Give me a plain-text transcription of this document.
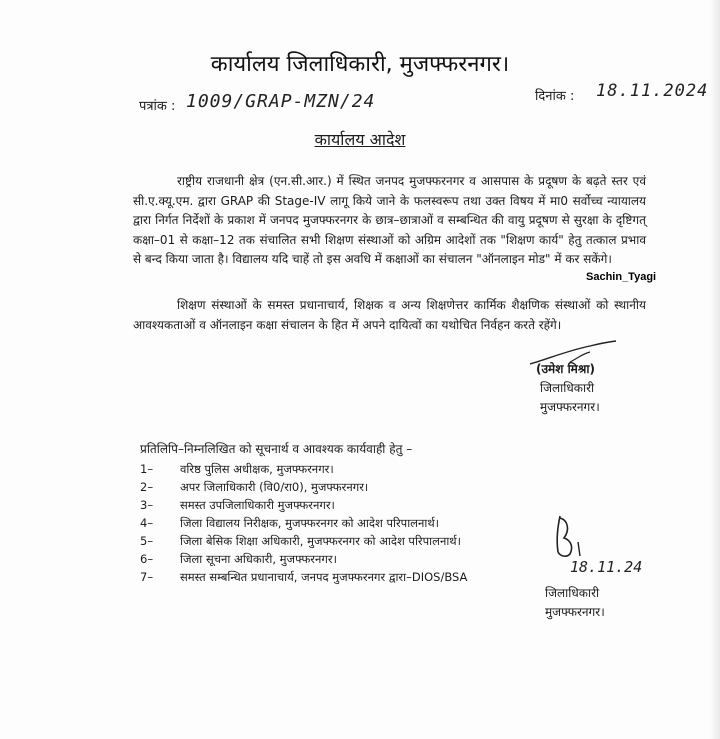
कार्यालय जिलाधिकारी, मुजफ्फरनगर।
पत्रांक : 1009/GRAP-MZN/24	दिनांक : 18.11.2024
कार्यालय आदेश
राष्ट्रीय राजधानी क्षेत्र (एन.सी.आर.) में स्थित जनपद मुजफ्फरनगर व आसपास के प्रदूषण के बढ़ते स्तर एवं सी.ए.क्यू.एम. द्वारा GRAP की Stage-IV लागू किये जाने के फलस्वरूप तथा उक्त विषय में मा0 सर्वोच्च न्यायालय द्वारा निर्गत निर्देशों के प्रकाश में जनपद मुजफ्फरनगर के छात्र–छात्राओं व सम्बन्धित की वायु प्रदूषण से सुरक्षा के दृष्टिगत् कक्षा–01 से कक्षा–12 तक संचालित सभी शिक्षण संस्थाओं को अग्रिम आदेशों तक "शिक्षण कार्य" हेतु तत्काल प्रभाव से बन्द किया जाता है। विद्यालय यदि चाहें तो इस अवधि में कक्षाओं का संचालन "ऑनलाइन मोड" में कर सकेंगे।
Sachin_Tyagi
शिक्षण संस्थाओं के समस्त प्रधानाचार्य, शिक्षक व अन्य शिक्षणेत्तर कार्मिक शैक्षणिक संस्थाओं को स्थानीय आवश्यकताओं व ऑनलाइन कक्षा संचालन के हित में अपने दायित्वों का यथोचित निर्वहन करते रहेंगे।
(उमेश मिश्रा)
जिलाधिकारी
मुजफ्फरनगर।
प्रतिलिपि–निम्नलिखित को सूचनार्थ व आवश्यक कार्यवाही हेतु –
1–	वरिष्ठ पुलिस अधीक्षक, मुजफ्फरनगर।
2–	अपर जिलाधिकारी (वि0/रा0), मुजफ्फरनगर।
3–	समस्त उपजिलाधिकारी मुजफ्फरनगर।
4–	जिला विद्यालय निरीक्षक, मुजफ्फरनगर को आदेश परिपालनार्थ।
5–	जिला बेसिक शिक्षा अधिकारी, मुजफ्फरनगर को आदेश परिपालनार्थ।
6–	जिला सूचना अधिकारी, मुजफ्फरनगर।
7–	समस्त सम्बन्धित प्रधानाचार्य, जनपद मुजफ्फरनगर द्वारा–DIOS/BSA
18.11.24
जिलाधिकारी
मुजफ्फरनगर।
